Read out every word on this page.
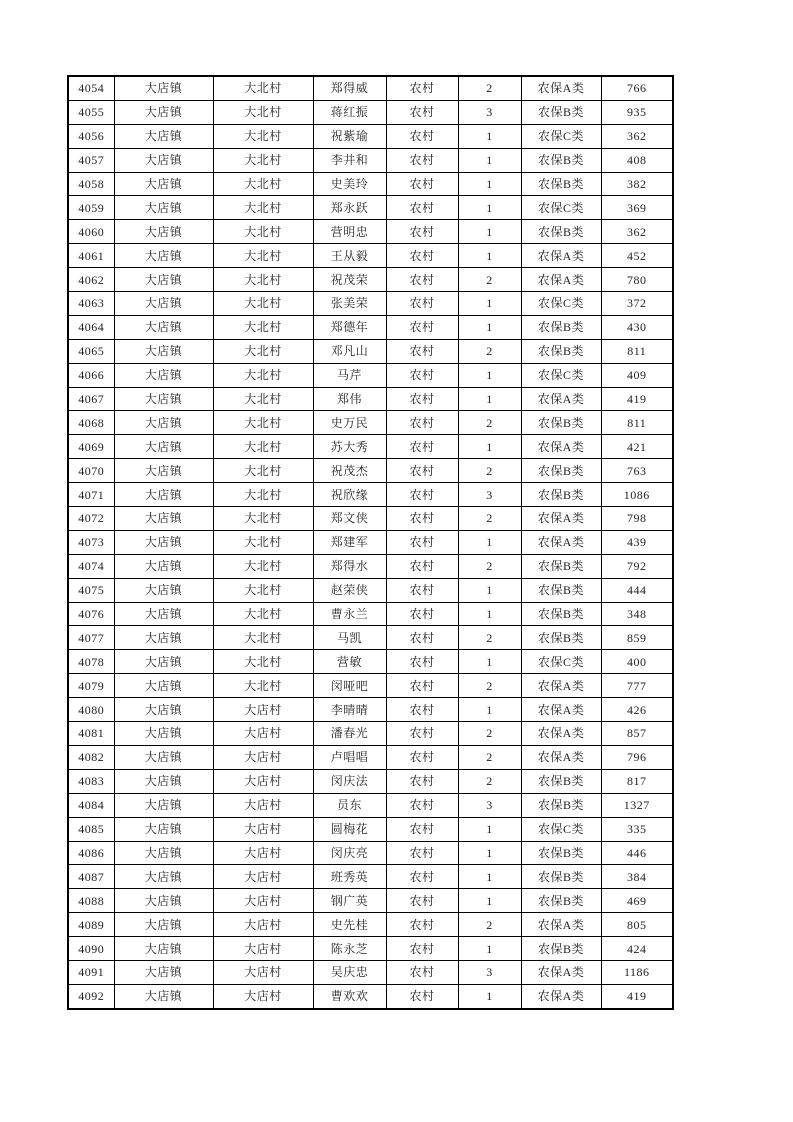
4054	大店镇	大北村	郑得威	农村	2	农保A类	766
4055	大店镇	大北村	蒋红振	农村	3	农保B类	935
4056	大店镇	大北村	祝紫瑜	农村	1	农保C类	362
4057	大店镇	大北村	李井和	农村	1	农保B类	408
4058	大店镇	大北村	史美玲	农村	1	农保B类	382
4059	大店镇	大北村	郑永跃	农村	1	农保C类	369
4060	大店镇	大北村	营明忠	农村	1	农保B类	362
4061	大店镇	大北村	王从毅	农村	1	农保A类	452
4062	大店镇	大北村	祝茂荣	农村	2	农保A类	780
4063	大店镇	大北村	张美荣	农村	1	农保C类	372
4064	大店镇	大北村	郑德年	农村	1	农保B类	430
4065	大店镇	大北村	邓凡山	农村	2	农保B类	811
4066	大店镇	大北村	马芹	农村	1	农保C类	409
4067	大店镇	大北村	郑伟	农村	1	农保A类	419
4068	大店镇	大北村	史万民	农村	2	农保B类	811
4069	大店镇	大北村	苏大秀	农村	1	农保A类	421
4070	大店镇	大北村	祝茂杰	农村	2	农保B类	763
4071	大店镇	大北村	祝欣缘	农村	3	农保B类	1086
4072	大店镇	大北村	郑文侠	农村	2	农保A类	798
4073	大店镇	大北村	郑建军	农村	1	农保A类	439
4074	大店镇	大北村	郑得水	农村	2	农保B类	792
4075	大店镇	大北村	赵荣侠	农村	1	农保B类	444
4076	大店镇	大北村	曹永兰	农村	1	农保B类	348
4077	大店镇	大北村	马凯	农村	2	农保B类	859
4078	大店镇	大北村	营敏	农村	1	农保C类	400
4079	大店镇	大北村	闵哑吧	农村	2	农保A类	777
4080	大店镇	大店村	李晴晴	农村	1	农保A类	426
4081	大店镇	大店村	潘春光	农村	2	农保A类	857
4082	大店镇	大店村	卢唱唱	农村	2	农保A类	796
4083	大店镇	大店村	闵庆法	农村	2	农保B类	817
4084	大店镇	大店村	员东	农村	3	农保B类	1327
4085	大店镇	大店村	圆梅花	农村	1	农保C类	335
4086	大店镇	大店村	闵庆亮	农村	1	农保B类	446
4087	大店镇	大店村	班秀英	农村	1	农保B类	384
4088	大店镇	大店村	钢广英	农村	1	农保B类	469
4089	大店镇	大店村	史先桂	农村	2	农保A类	805
4090	大店镇	大店村	陈永芝	农村	1	农保B类	424
4091	大店镇	大店村	吴庆忠	农村	3	农保A类	1186
4092	大店镇	大店村	曹欢欢	农村	1	农保A类	419
